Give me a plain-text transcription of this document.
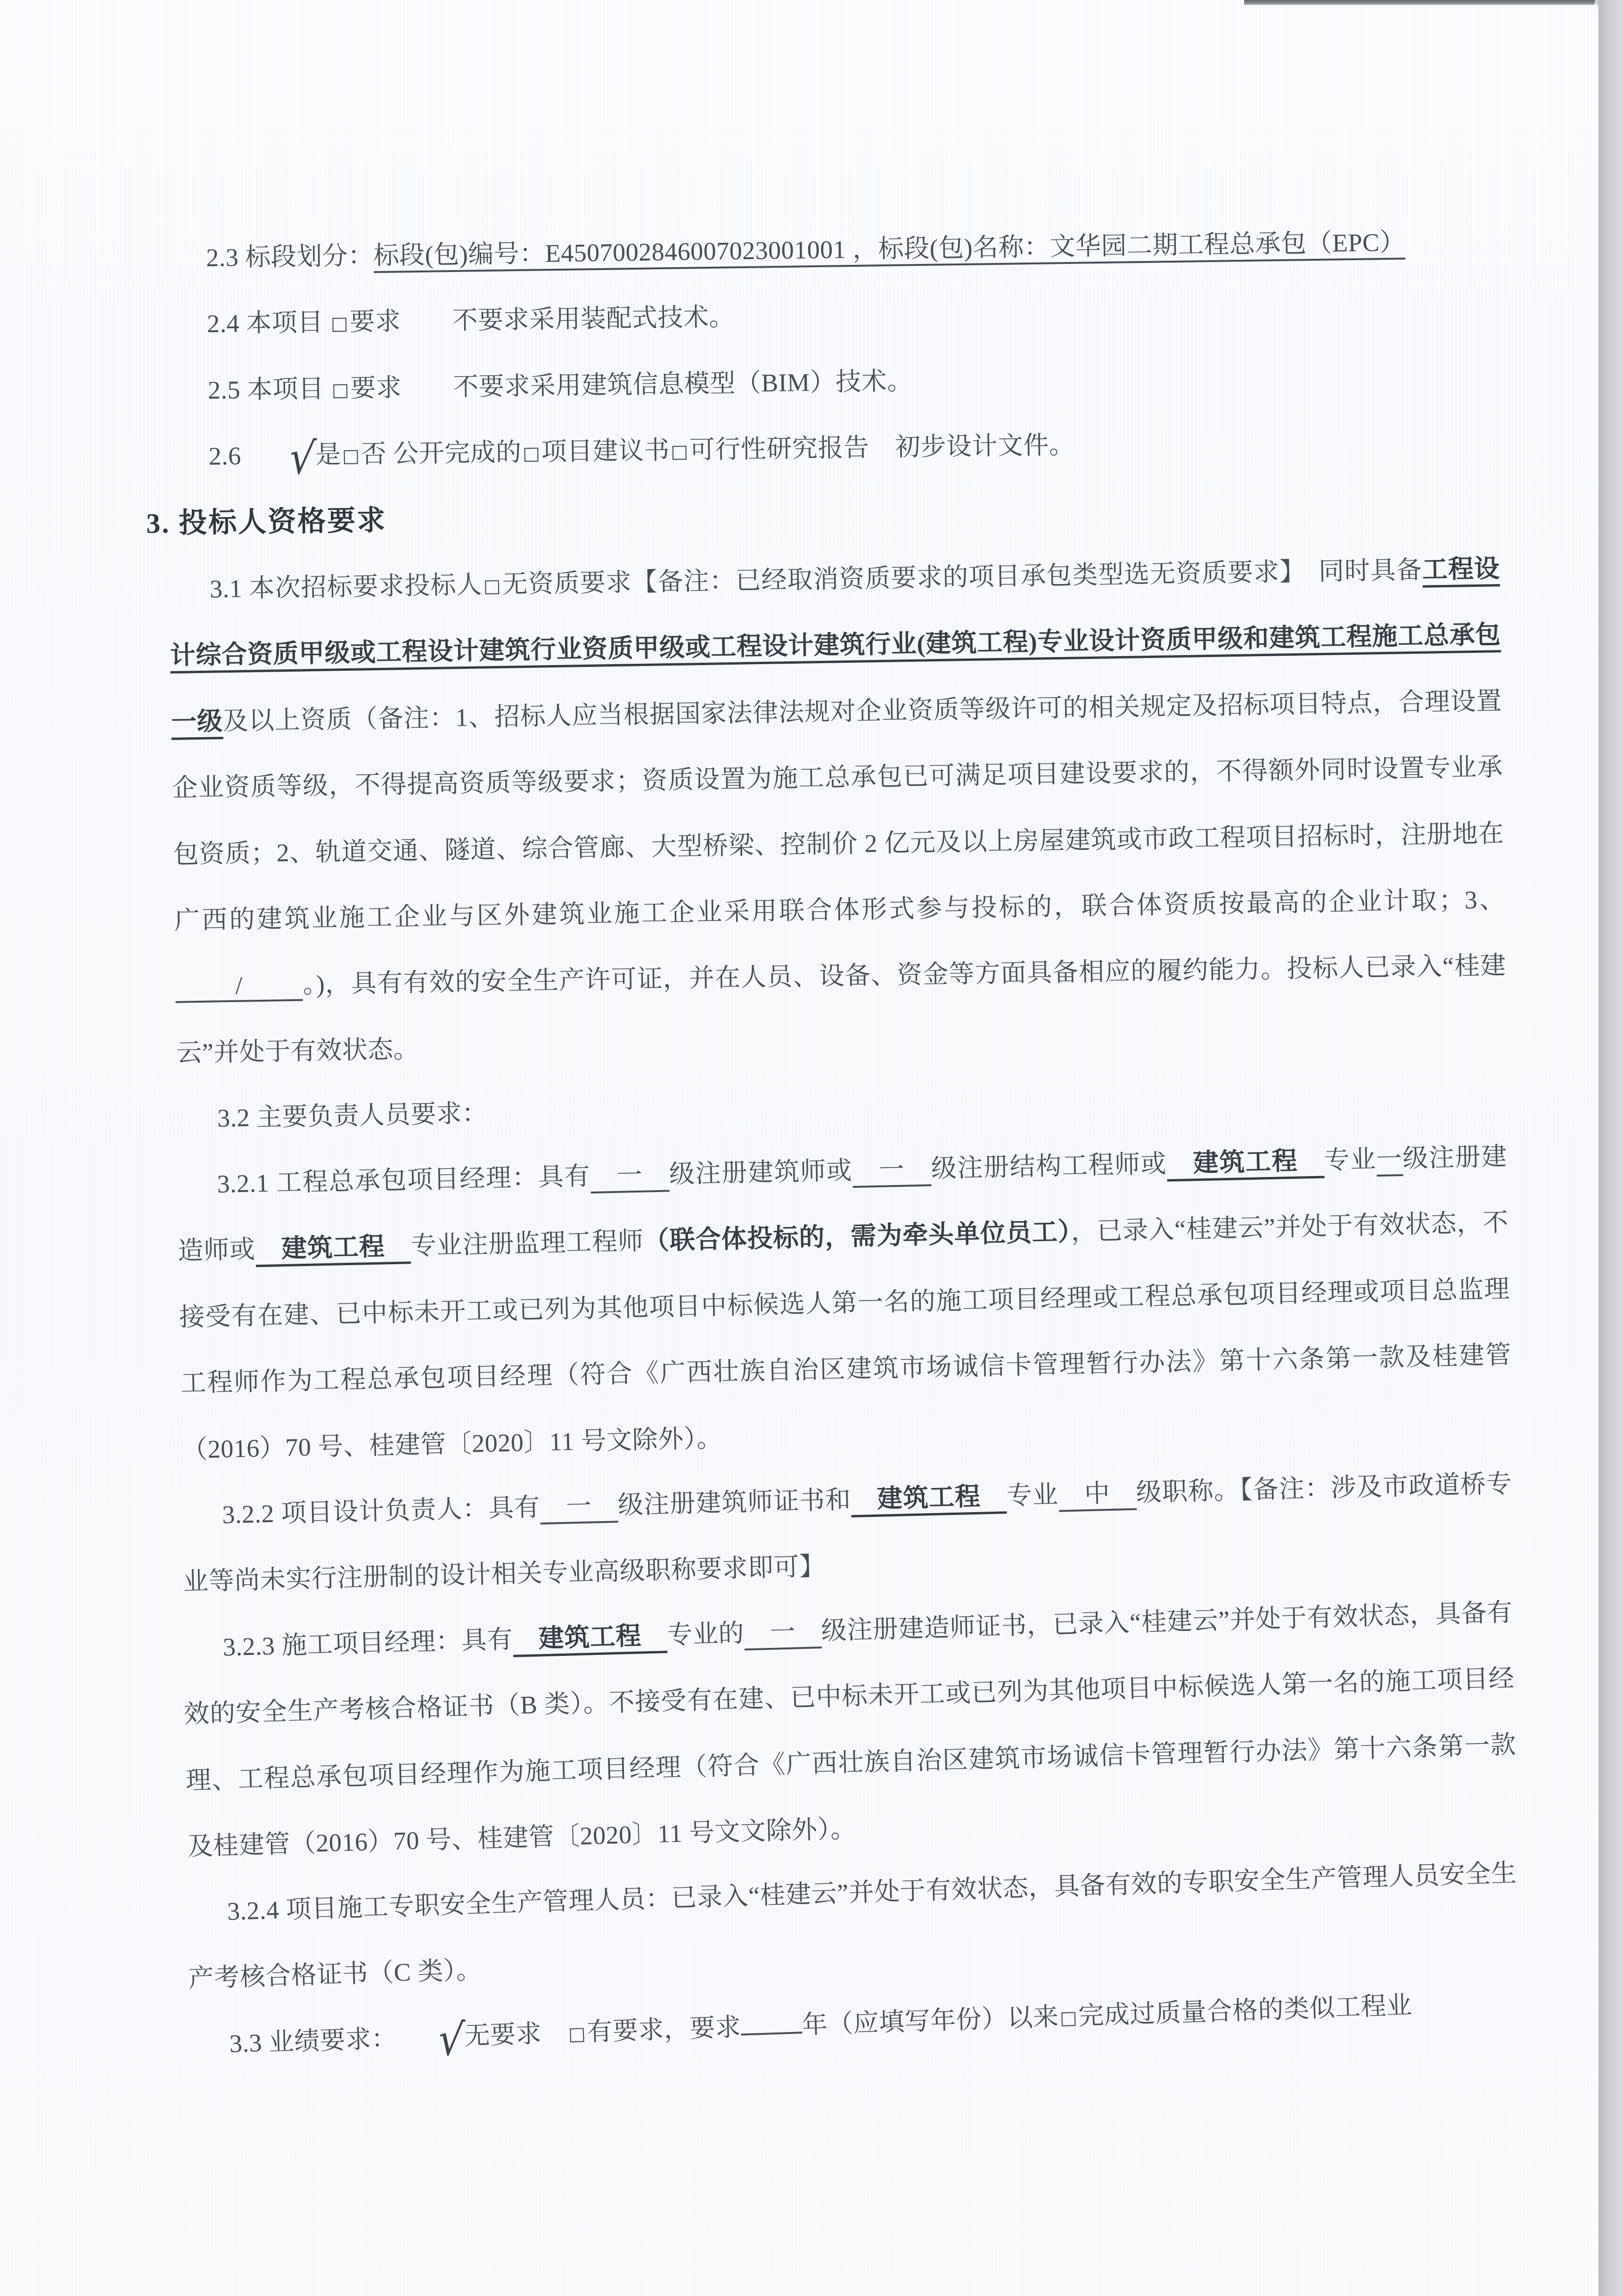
2.3 标段划分：标段(包)编号：E4507002846007023001001 ，标段(包)名称：文华园二期工程总承包（EPC）

2.4 本项目 □要求　　不要求采用装配式技术。

2.5 本项目 □要求　　不要求采用建筑信息模型（BIM）技术。

2.6 √是□否 公开完成的□项目建议书□可行性研究报告　初步设计文件。

3. 投标人资格要求

3.1 本次招标要求投标人□无资质要求【备注：已经取消资质要求的项目承包类型选无资质要求】　同时具备工程设计综合资质甲级或工程设计建筑行业资质甲级或工程设计建筑行业(建筑工程)专业设计资质甲级和建筑工程施工总承包一级及以上资质（备注：1、招标人应当根据国家法律法规对企业资质等级许可的相关规定及招标项目特点，合理设置企业资质等级，不得提高资质等级要求；资质设置为施工总承包已可满足项目建设要求的，不得额外同时设置专业承包资质；2、轨道交通、隧道、综合管廊、大型桥梁、控制价 2 亿元及以上房屋建筑或市政工程项目招标时，注册地在广西的建筑业施工企业与区外建筑业施工企业采用联合体形式参与投标的，联合体资质按最高的企业计取；3、/ 。)，具有有效的安全生产许可证，并在人员、设备、资金等方面具备相应的履约能力。投标人已录入“桂建云”并处于有效状态。

3.2 主要负责人员要求：

3.2.1 工程总承包项目经理：具有　一　级注册建筑师或　一　级注册结构工程师或　建筑工程　专业一级注册建造师或　建筑工程　专业注册监理工程师（联合体投标的，需为牵头单位员工），已录入“桂建云”并处于有效状态，不接受有在建、已中标未开工或已列为其他项目中标候选人第一名的施工项目经理或工程总承包项目经理或项目总监理工程师作为工程总承包项目经理（符合《广西壮族自治区建筑市场诚信卡管理暂行办法》第十六条第一款及桂建管（2016）70 号、桂建管〔2020〕11 号文除外）。

3.2.2 项目设计负责人：具有　一　级注册建筑师证书和　建筑工程　专业　中　级职称。【备注：涉及市政道桥专业等尚未实行注册制的设计相关专业高级职称要求即可】

3.2.3 施工项目经理：具有　建筑工程　专业的　一　级注册建造师证书，已录入“桂建云”并处于有效状态，具备有效的安全生产考核合格证书（B 类）。不接受有在建、已中标未开工或已列为其他项目中标候选人第一名的施工项目经理、工程总承包项目经理作为施工项目经理（符合《广西壮族自治区建筑市场诚信卡管理暂行办法》第十六条第一款及桂建管（2016）70 号、桂建管〔2020〕11 号文文除外）。

3.2.4 项目施工专职安全生产管理人员：已录入“桂建云”并处于有效状态，具备有效的专职安全生产管理人员安全生产考核合格证书（C 类）。

3.3 业绩要求： √无要求　□有要求，要求 年（应填写年份）以来□完成过质量合格的类似工程业
